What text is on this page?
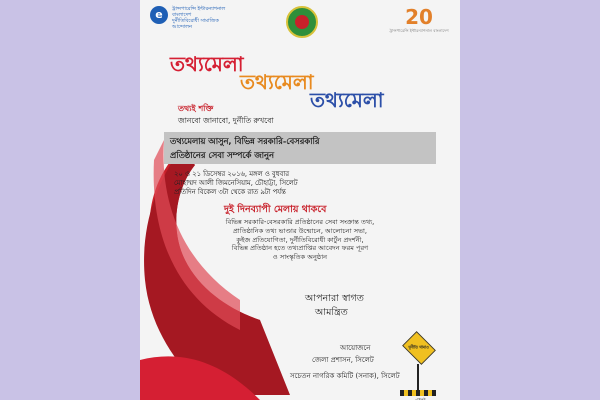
e	ট্রান্সপারেন্সি ইন্টারন্যাশনাল বাংলাদেশ
দুর্নীতিবিরোধী সামাজিক আন্দোলন	20
ট্রান্সপারেন্সি ইন্টারন্যাশনাল বাংলাদেশ
তথ্যমেলা
তথ্যমেলা
তথ্যমেলা
তথ্যই শক্তি
জানবো জানাবো, দুর্নীতি রুখবো
তথ্যমেলায় আসুন, বিভিন্ন সরকারি-বেসরকারি
প্রতিষ্ঠানের সেবা সম্পর্কে জানুন
২০ ও ২১ ডিসেম্বর ২০১৬, মঙ্গল ও বুধবার
মোহাম্মদ আলী জিমনেসিয়াম, চৌহাট্টা, সিলেট
প্রতিদিন বিকেল ৩টা থেকে রাত ৯টা পর্যন্ত
দুই দিনব্যাপী মেলায় থাকবে
বিভিন্ন সরকারি-বেসরকারি প্রতিষ্ঠানের সেবা সংক্রান্ত তথ্য,
প্রাতিষ্ঠানিক তথ্য ভাণ্ডার উন্মোচন, আলোচনা সভা,
কুইজ প্রতিযোগিতা, দুর্নীতিবিরোধী কার্টুন প্রদর্শনী,
বিভিন্ন প্রতিষ্ঠান হতে তথ্যপ্রাপ্তির আবেদন ফরম পূরণ
ও সাংস্কৃতিক অনুষ্ঠান
আপনারা স্বাগত
আমন্ত্রিত
আয়োজনে
জেলা প্রশাসন, সিলেট
সচেতন নাগরিক কমিটি (সনাক), সিলেট
দুর্নীতি থামাও
... এখনই
